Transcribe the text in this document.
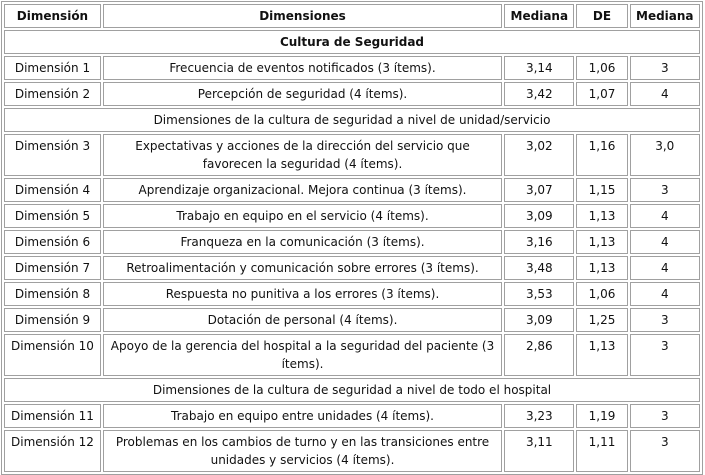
Dimensión	Dimensiones	Mediana	DE	Mediana
Cultura de Seguridad				
Dimensión 1	Frecuencia de eventos notificados (3 ítems).	3,14	1,06	3
Dimensión 2	Percepción de seguridad (4 ítems).	3,42	1,07	4
Dimensiones de la cultura de seguridad a nivel de unidad/servicio				
Dimensión 3	Expectativas y acciones de la dirección del servicio que favorecen la seguridad (4 ítems).	3,02	1,16	3,0
Dimensión 4	Aprendizaje organizacional. Mejora continua (3 ítems).	3,07	1,15	3
Dimensión 5	Trabajo en equipo en el servicio (4 ítems).	3,09	1,13	4
Dimensión 6	Franqueza en la comunicación (3 ítems).	3,16	1,13	4
Dimensión 7	Retroalimentación y comunicación sobre errores (3 ítems).	3,48	1,13	4
Dimensión 8	Respuesta no punitiva a los errores (3 ítems).	3,53	1,06	4
Dimensión 9	Dotación de personal (4 ítems).	3,09	1,25	3
Dimensión 10	Apoyo de la gerencia del hospital a la seguridad del paciente (3 ítems).	2,86	1,13	3
Dimensiones de la cultura de seguridad a nivel de todo el hospital				
Dimensión 11	Trabajo en equipo entre unidades (4 ítems).	3,23	1,19	3
Dimensión 12	Problemas en los cambios de turno y en las transiciones entre unidades y servicios (4 ítems).	3,11	1,11	3
